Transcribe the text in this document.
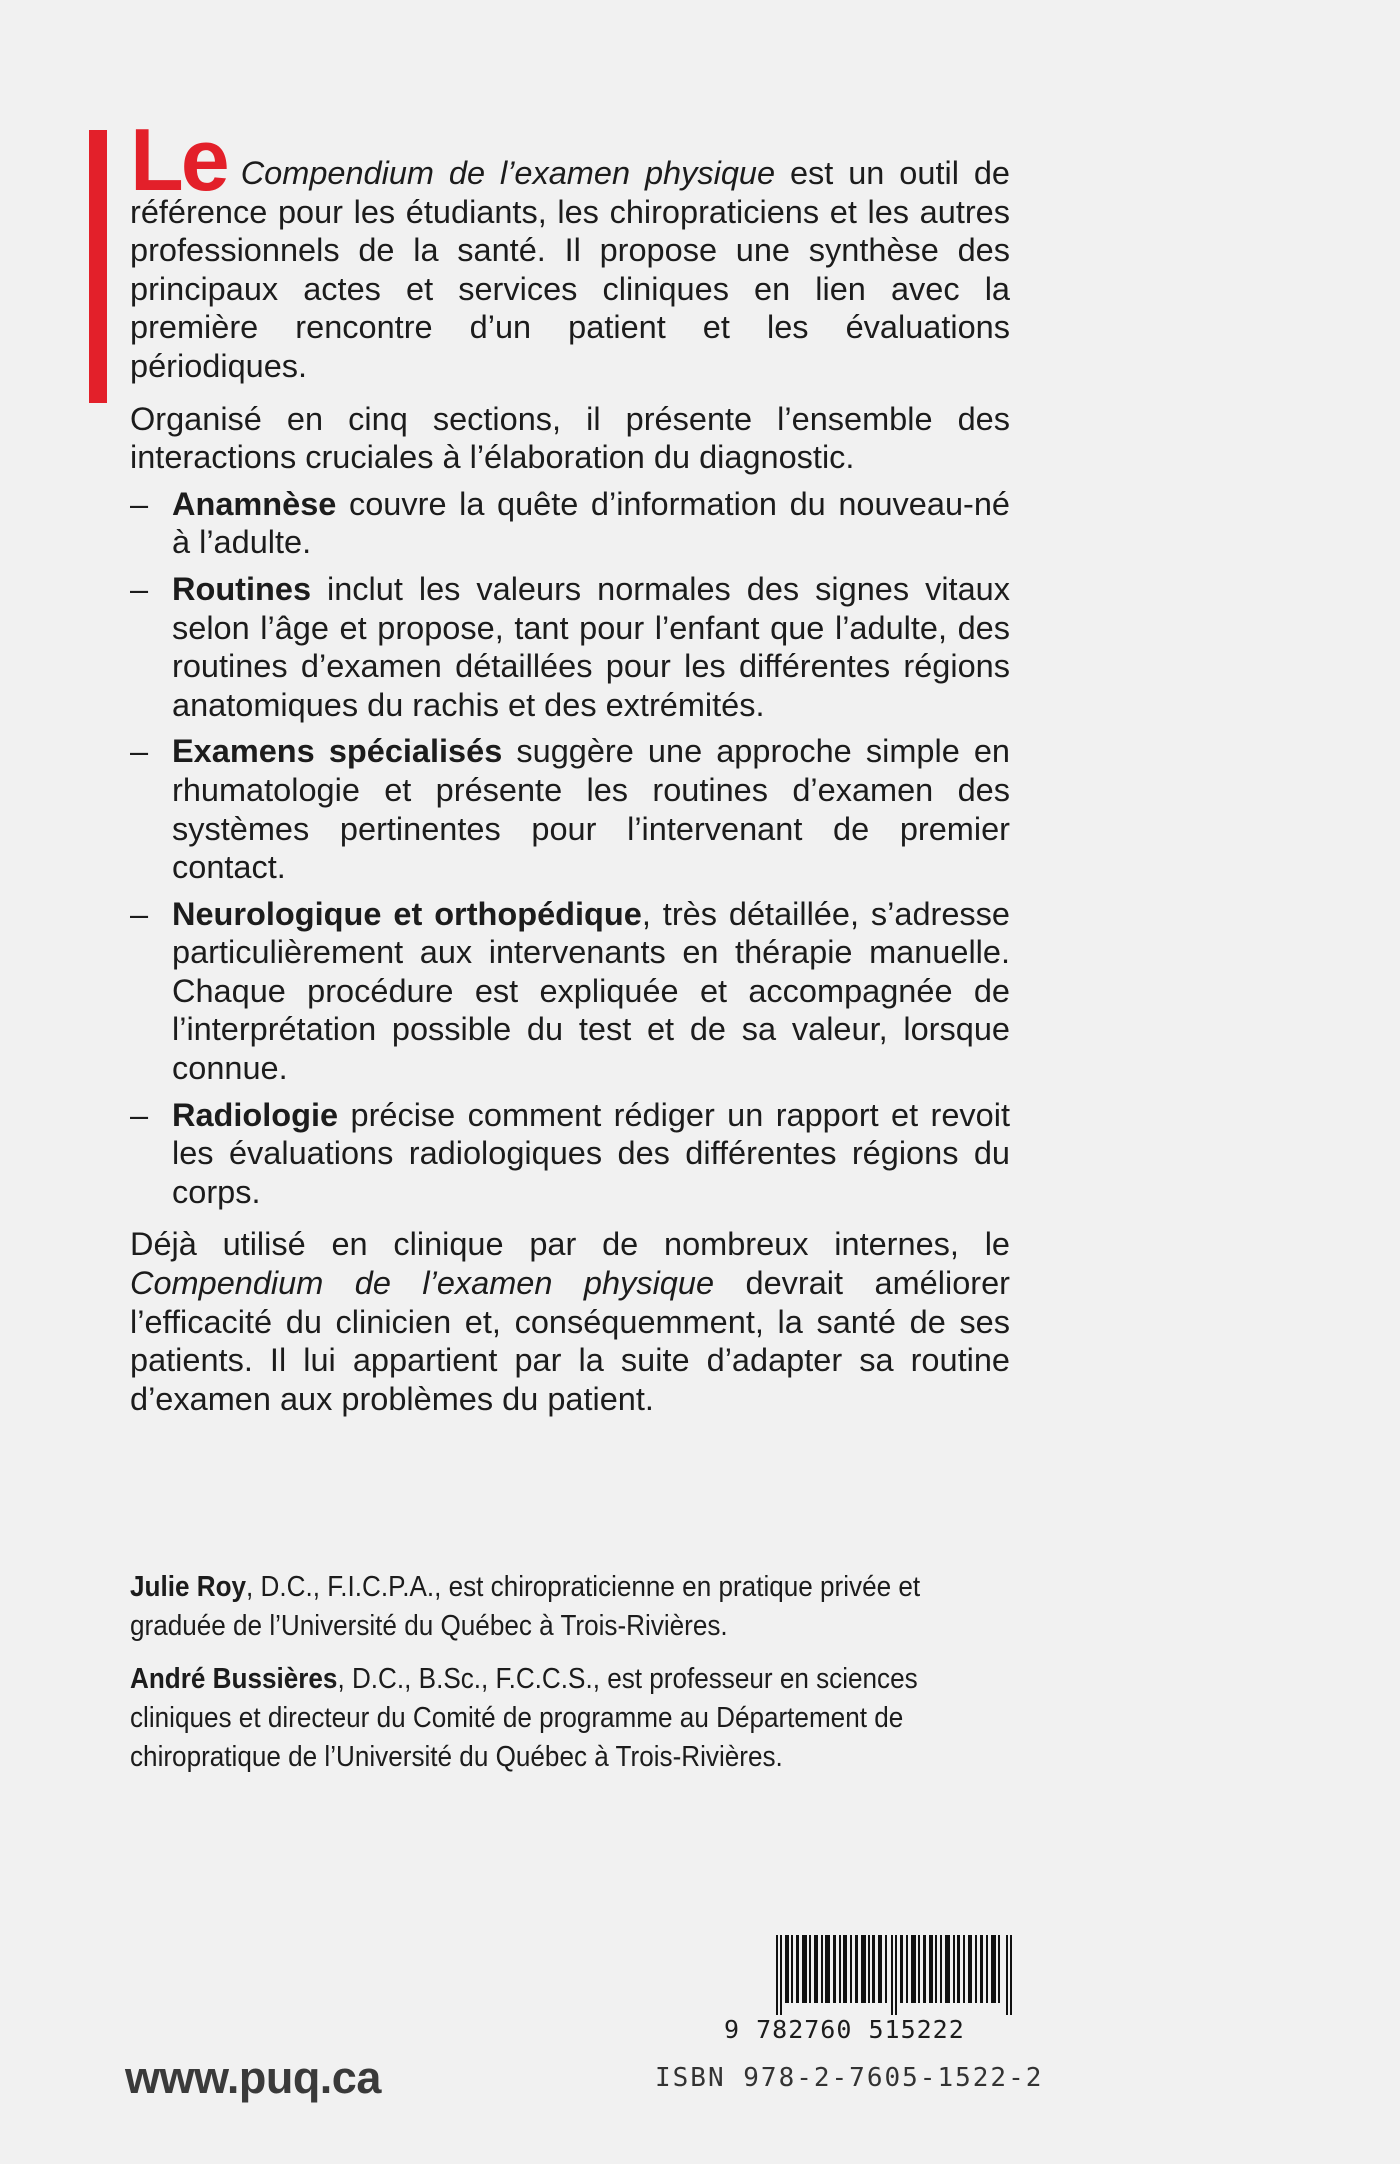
Le Compendium de l’examen physique est un outil de référence pour les étudiants, les chiropraticiens et les autres professionnels de la santé. Il propose une synthèse des principaux actes et services cliniques en lien avec la première rencontre d’un patient et les évaluations périodiques.

Organisé en cinq sections, il présente l’ensemble des interactions cruciales à l’élaboration du diagnostic.

– Anamnèse couvre la quête d’information du nouveau-né à l’adulte.
– Routines inclut les valeurs normales des signes vitaux selon l’âge et propose, tant pour l’enfant que l’adulte, des routines d’examen détaillées pour les différentes régions anatomiques du rachis et des extrémités.
– Examens spécialisés suggère une approche simple en rhumatologie et présente les routines d’examen des systèmes pertinentes pour l’intervenant de premier contact.
– Neurologique et orthopédique, très détaillée, s’adresse particulièrement aux intervenants en thérapie manuelle. Chaque procédure est expliquée et accompagnée de l’interprétation possible du test et de sa valeur, lorsque connue.
– Radiologie précise comment rédiger un rapport et revoit les évaluations radiologiques des différentes régions du corps.

Déjà utilisé en clinique par de nombreux internes, le Compendium de l’examen physique devrait améliorer l’efficacité du clinicien et, conséquemment, la santé de ses patients. Il lui appartient par la suite d’adapter sa routine d’examen aux problèmes du patient.

Julie Roy, D.C., F.I.C.P.A., est chiropraticienne en pratique privée et graduée de l’Université du Québec à Trois-Rivières.

André Bussières, D.C., B.Sc., F.C.C.S., est professeur en sciences cliniques et directeur du Comité de programme au Département de chiropratique de l’Université du Québec à Trois-Rivières.

9 782760 515222
ISBN 978-2-7605-1522-2
www.puq.ca
